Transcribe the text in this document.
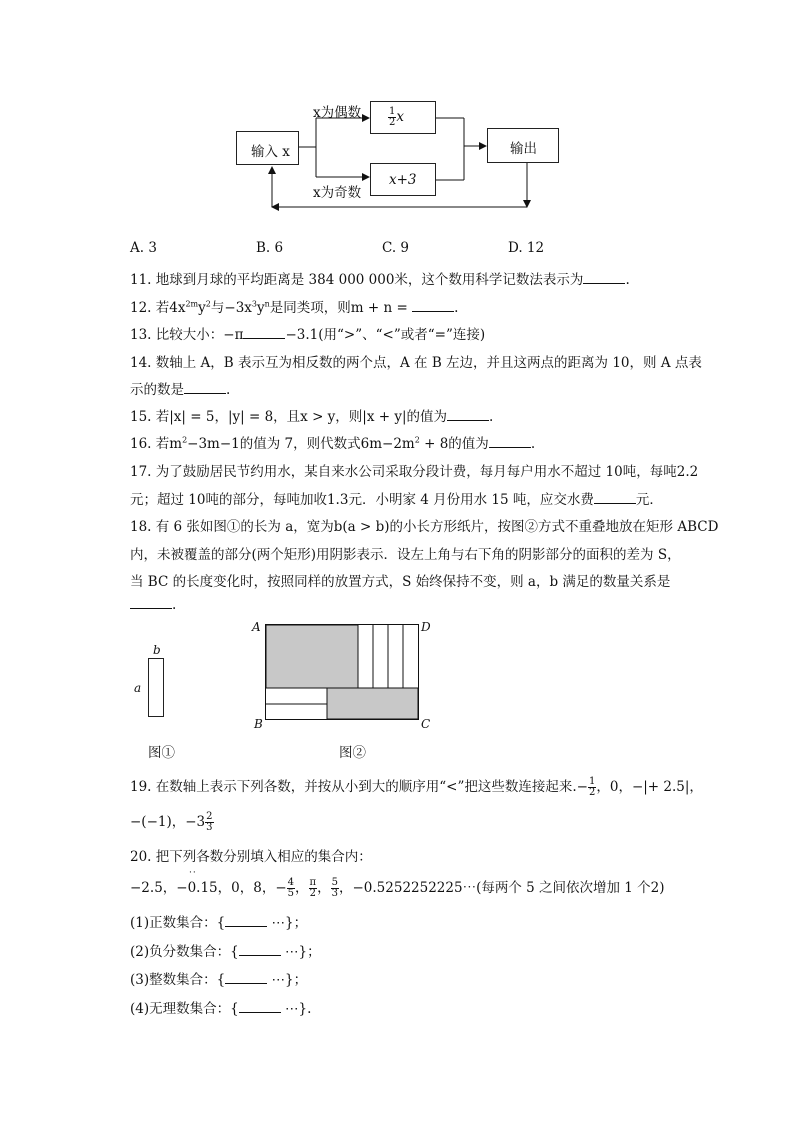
输入 x
x为偶数
x为奇数
$\frac{1}{2}$ x
x+3
输出
A. 3	B. 6	C. 9	D. 12
11. 地球到月球的平均距离是 384 000 000米，这个数用科学记数法表示为	.
12. 若$4x^{2m}y^2$与$-3x^3y^n$是同类项，则m + n =	.
13. 比较大小：−π	−3.1(用“>”、“<”或者“=”连接)
14. 数轴上 A，B 表示互为相反数的两个点，A 在 B 左边，并且这两点的距离为 10，则 A 点表
示的数是	.
15. 若|x| = 5，|y| = 8，且x > y，则|x + y|的值为	.
16. 若$m^2-3m-1$的值为 7，则代数式$6m-2m^2 + 8$的值为	.
17. 为了鼓励居民节约用水，某自来水公司采取分段计费，每月每户用水不超过 10吨，每吨2.2
元；超过 10吨的部分，每吨加收1.3元．小明家 4 月份用水 15 吨，应交水费	元．
18. 有 6 张如图①的长为 a，宽为b(a > b)的小长方形纸片，按图②方式不重叠地放在矩形 ABCD
内，未被覆盖的部分(两个矩形)用阴影表示．设左上角与右下角的阴影部分的面积的差为 S，
当 BC 的长度变化时，按照同样的放置方式，S 始终保持不变，则 a，b 满足的数量关系是
.
b
a
图①
A	D
B	C
图②
19. 在数轴上表示下列各数，并按从小到大的顺序用“<”把这些数连接起来.− $\frac{1}{2}$ ，0，−|+ 2.5|，
−(−1)，$-3 \frac{2}{3}$
20. 把下列各数分别填入相应的集合内：
··
−2.5，−0.15，0，8，− $\frac{4}{5}$ ， $\frac{\pi}{2}$ ， $\frac{5}{3}$ ，−0.5252252225⋯(每两个 5 之间依次增加 1 个2)
(1)正数集合：{	⋯}；
(2)负分数集合：{	⋯}；
(3)整数集合：{	⋯}；
(4)无理数集合：{	⋯}.
